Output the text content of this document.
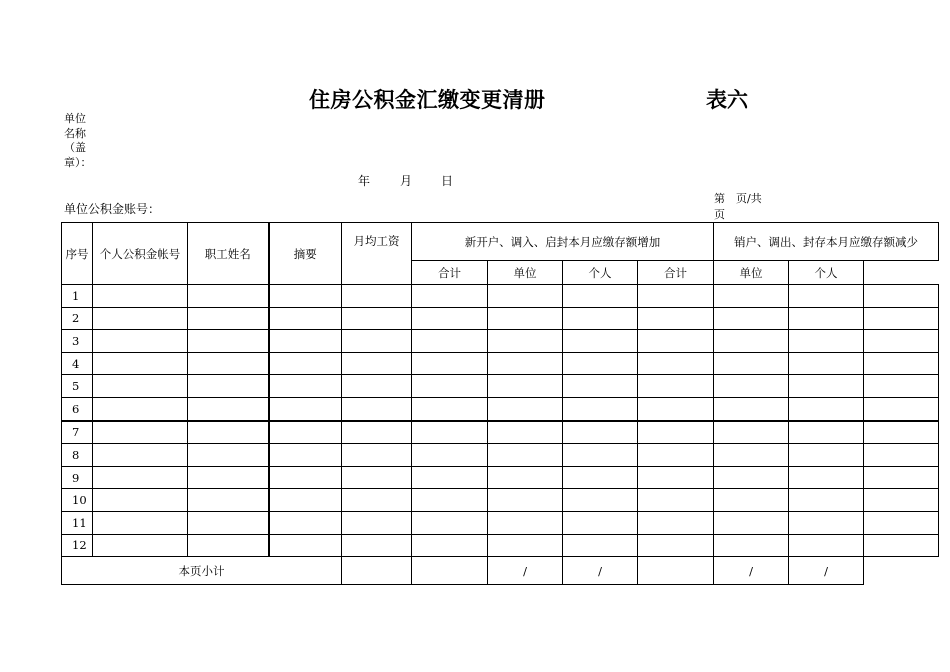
住房公积金汇缴变更清册	表六
单位名称（盖章）：
年 月 日
单位公积金账号：
第　页/共　页
序号	个人公积金帐号	职工姓名	摘要	月均工资	新开户、调入、启封本月应缴存额增加				销户、调出、封存本月应缴存额减少		
					合计	单位	个人	合计	单位	个人	
1											
2											
3											
4											
5											
6											
7											
8											
9											
10											
11											
12											
本页小计						/	/		/	/	
